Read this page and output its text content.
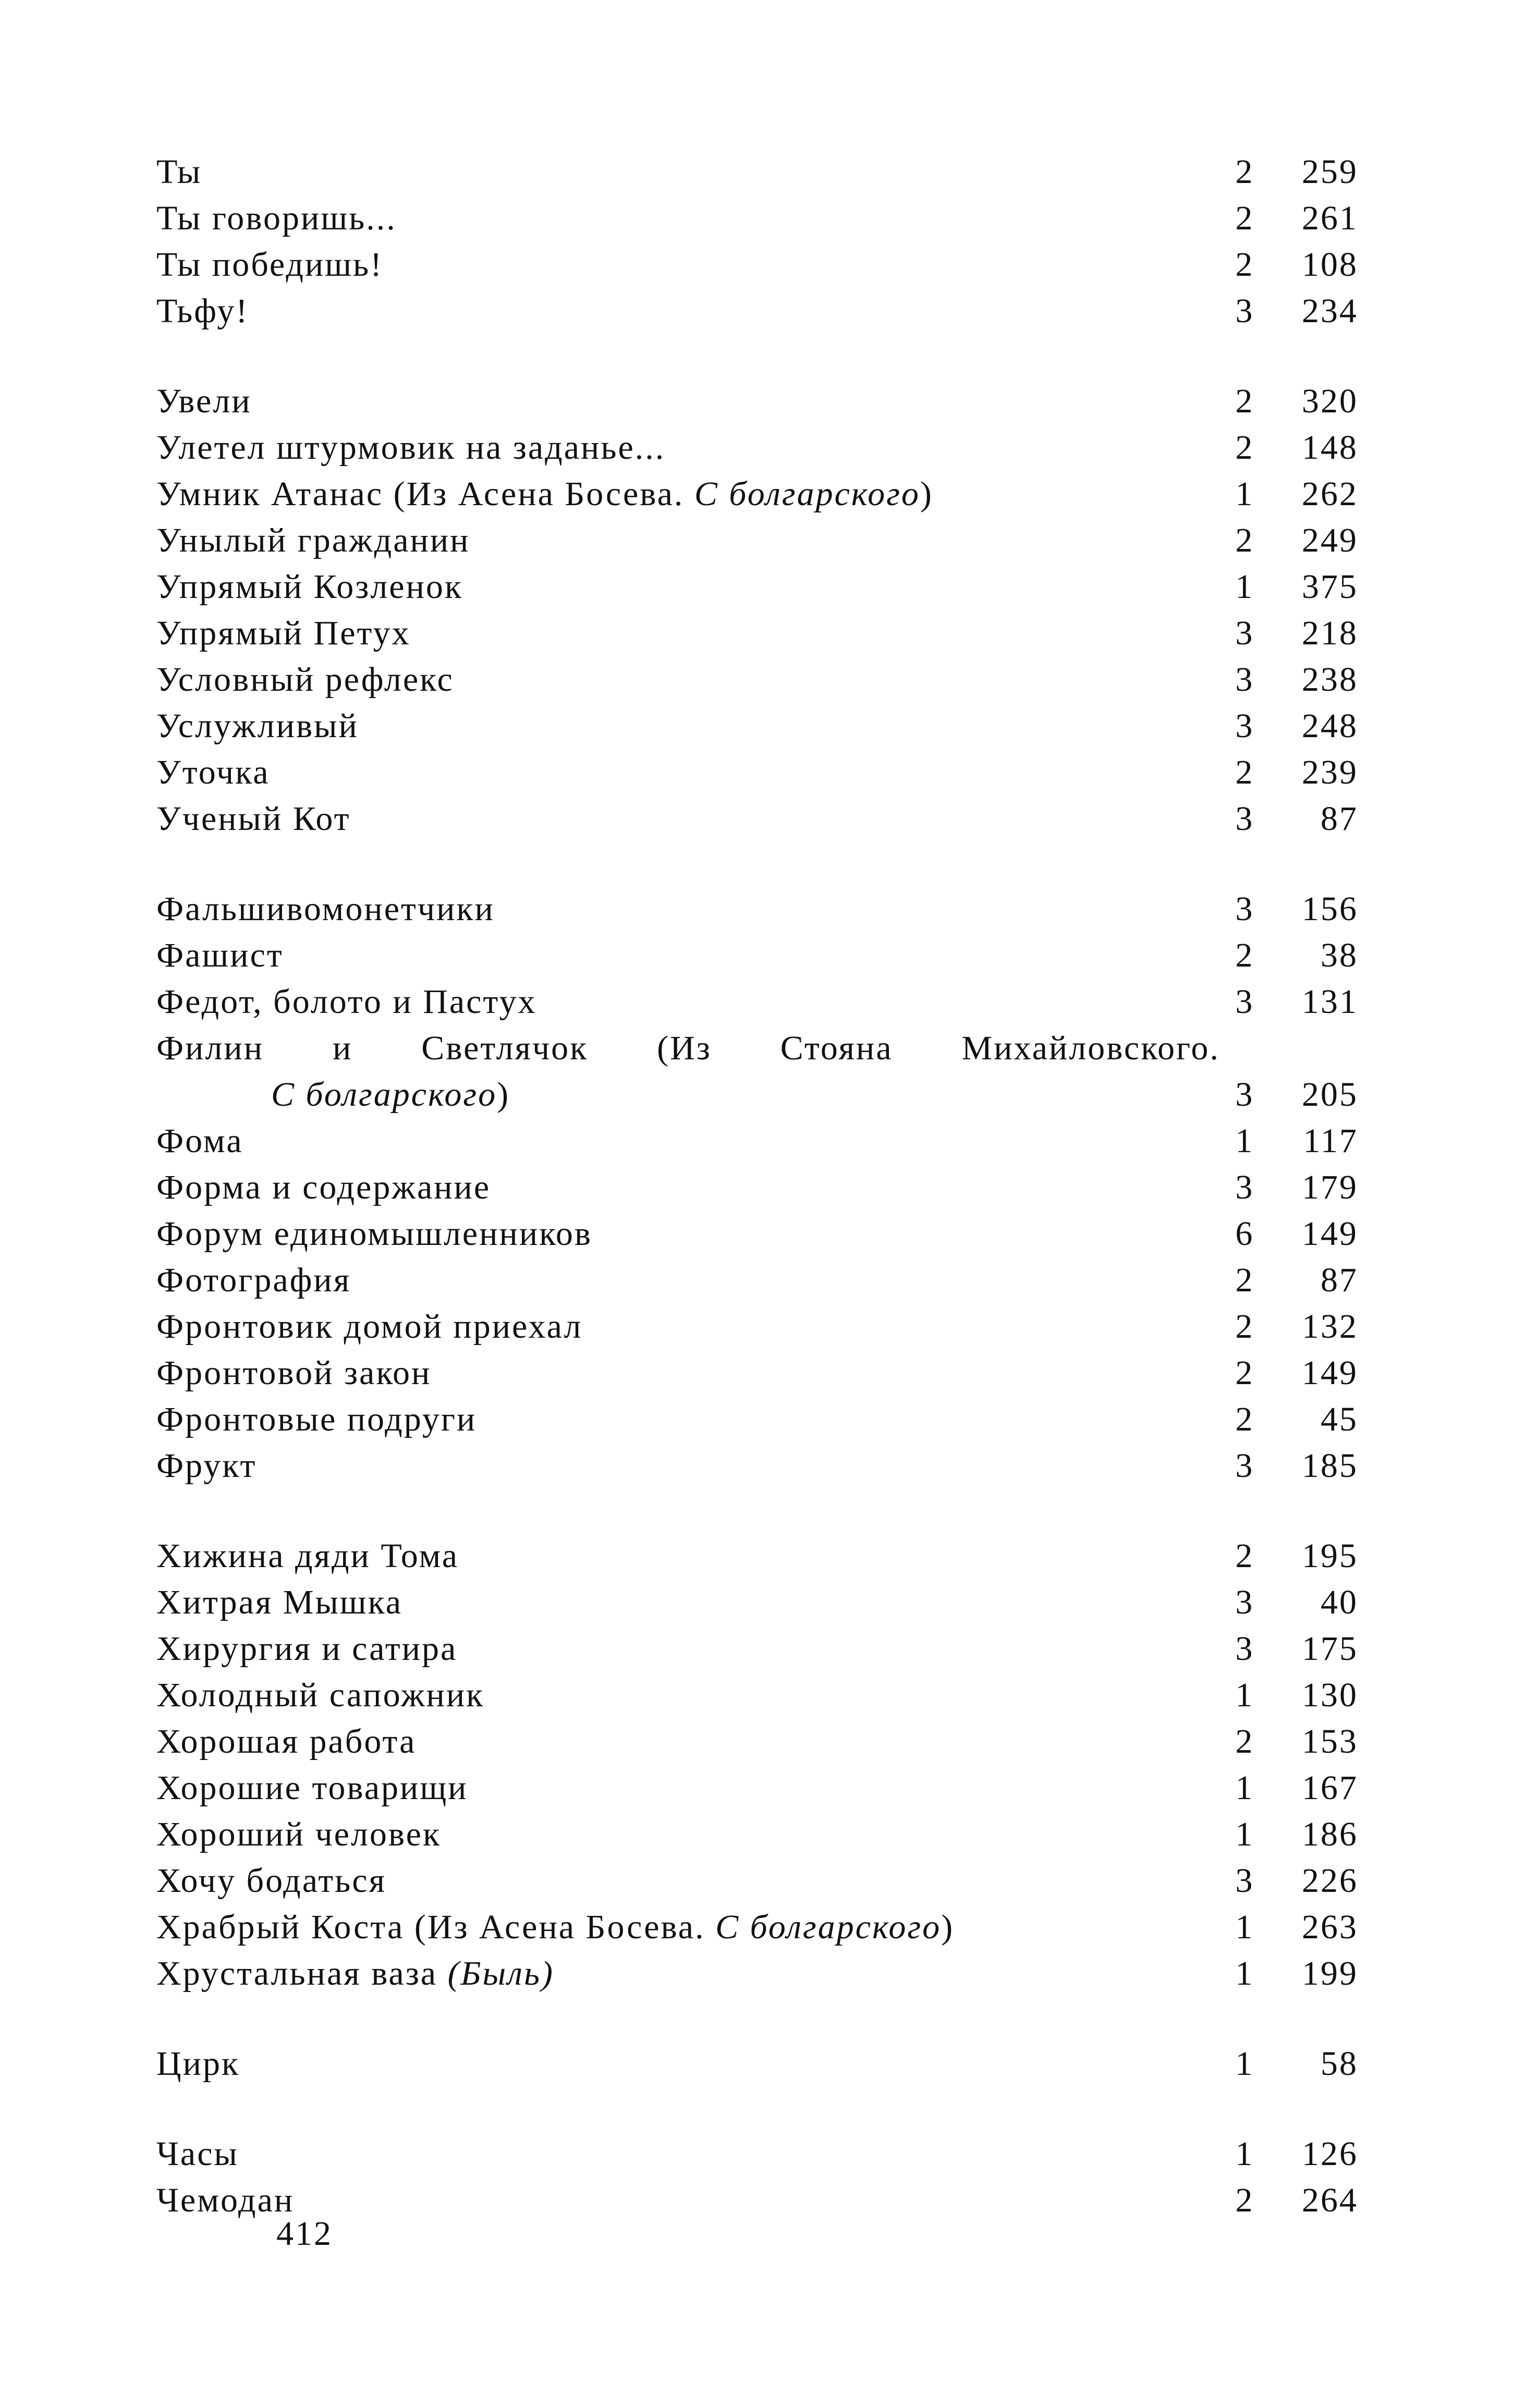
Ты	2	259
Ты говоришь...	2	261
Ты победишь!	2	108
Тьфу!	3	234
Увели	2	320
Улетел штурмовик на заданье...	2	148
Умник Атанас (Из Асена Босева. С болгарского)	1	262
Унылый гражданин	2	249
Упрямый Козленок	1	375
Упрямый Петух	3	218
Условный рефлекс	3	238
Услужливый	3	248
Уточка	2	239
Ученый Кот	3	87
Фальшивомонетчики	3	156
Фашист	2	38
Федот, болото и Пастух	3	131
Филин и Светлячок (Из Стояна Михайловского.
С болгарского)	3	205
Фома	1	117
Форма и содержание	3	179
Форум единомышленников	6	149
Фотография	2	87
Фронтовик домой приехал	2	132
Фронтовой закон	2	149
Фронтовые подруги	2	45
Фрукт	3	185
Хижина дяди Тома	2	195
Хитрая Мышка	3	40
Хирургия и сатира	3	175
Холодный сапожник	1	130
Хорошая работа	2	153
Хорошие товарищи	1	167
Хороший человек	1	186
Хочу бодаться	3	226
Храбрый Коста (Из Асена Босева. С болгарского)	1	263
Хрустальная ваза (Быль)	1	199
Цирк	1	58
Часы	1	126
Чемодан	2	264
412
